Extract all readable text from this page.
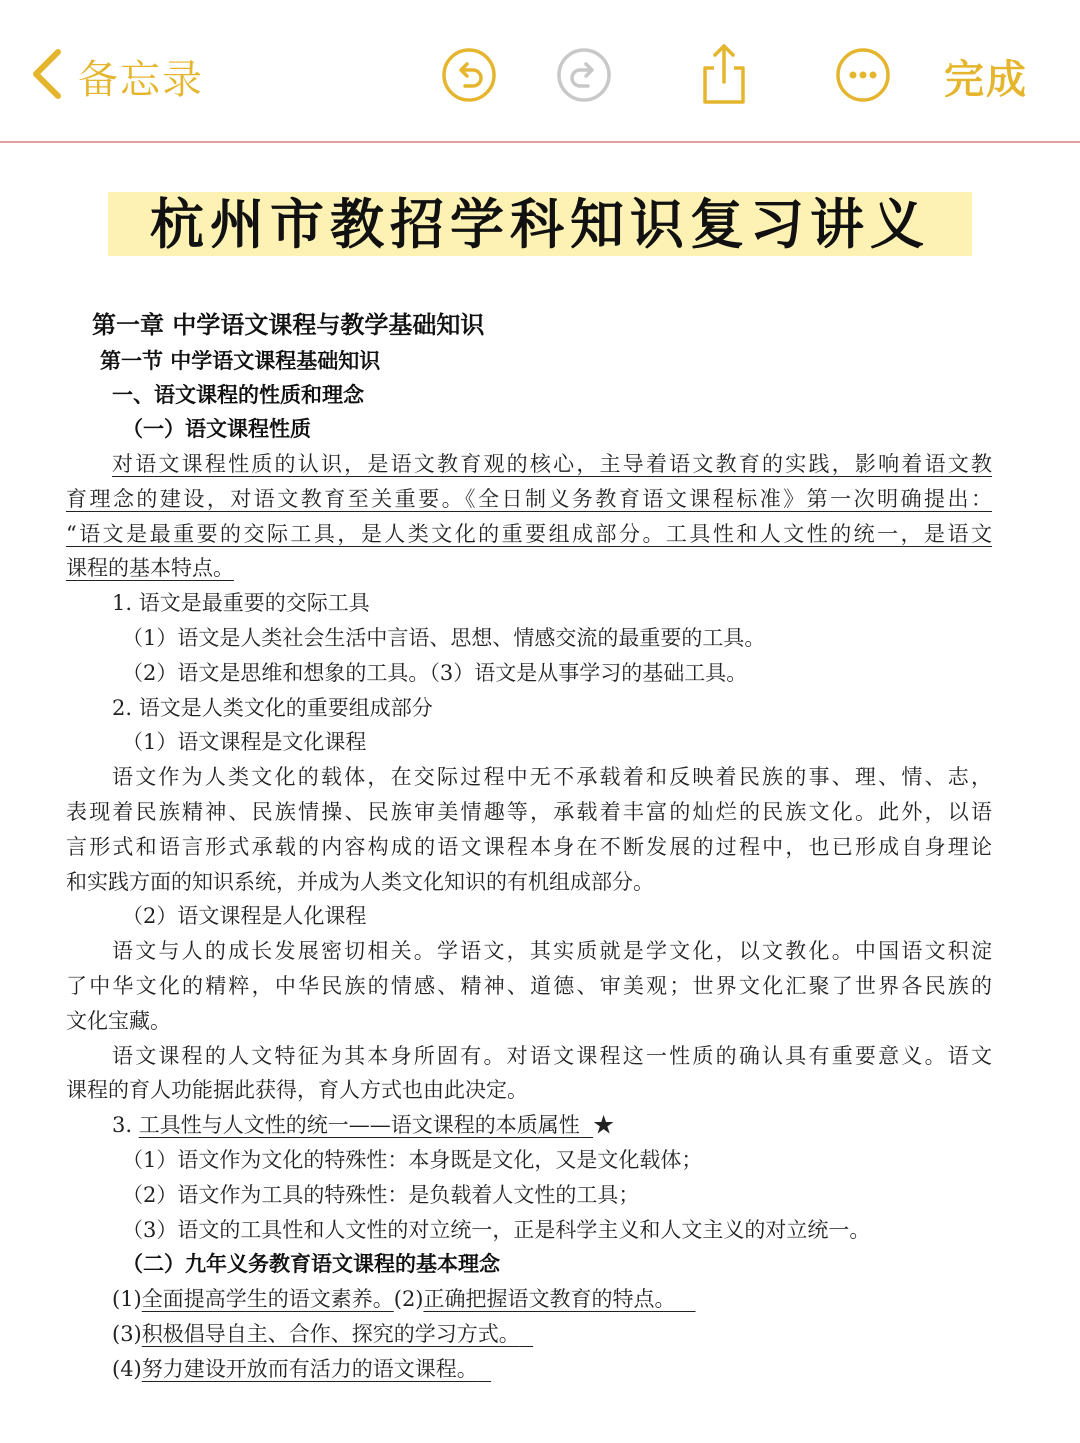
备忘录	完成
杭州市教招学科知识复习讲义

第一章 中学语文课程与教学基础知识

第一节 中学语文课程基础知识

一、语文课程的性质和理念

（一）语文课程性质

对语文课程性质的认识，是语文教育观的核心，主导着语文教育的实践，影响着语文教

育理念的建设，对语文教育至关重要。《全日制义务教育语文课程标准》第一次明确提出：

“语文是最重要的交际工具，是人类文化的重要组成部分。工具性和人文性的统一，是语文

课程的基本特点。

1. 语文是最重要的交际工具

（1）语文是人类社会生活中言语、思想、情感交流的最重要的工具。

（2）语文是思维和想象的工具。（3）语文是从事学习的基础工具。

2. 语文是人类文化的重要组成部分

（1）语文课程是文化课程

语文作为人类文化的载体，在交际过程中无不承载着和反映着民族的事、理、情、志，

表现着民族精神、民族情操、民族审美情趣等，承载着丰富的灿烂的民族文化。此外，以语

言形式和语言形式承载的内容构成的语文课程本身在不断发展的过程中，也已形成自身理论

和实践方面的知识系统，并成为人类文化知识的有机组成部分。

（2）语文课程是人化课程

语文与人的成长发展密切相关。学语文，其实质就是学文化，以文教化。中国语文积淀

了中华文化的精粹，中华民族的情感、精神、道德、审美观；世界文化汇聚了世界各民族的

文化宝藏。

语文课程的人文特征为其本身所固有。对语文课程这一性质的确认具有重要意义。语文

课程的育人功能据此获得，育人方式也由此决定。

3. 工具性与人文性的统一——语文课程的本质属性 ★

（1）语文作为文化的特殊性：本身既是文化，又是文化载体；

（2）语文作为工具的特殊性：是负载着人文性的工具；

（3）语文的工具性和人文性的对立统一，正是科学主义和人文主义的对立统一。

（二）九年义务教育语文课程的基本理念

(1)全面提高学生的语文素养。(2)正确把握语文教育的特点。

(3)积极倡导自主、合作、探究的学习方式。

(4)努力建设开放而有活力的语文课程。
